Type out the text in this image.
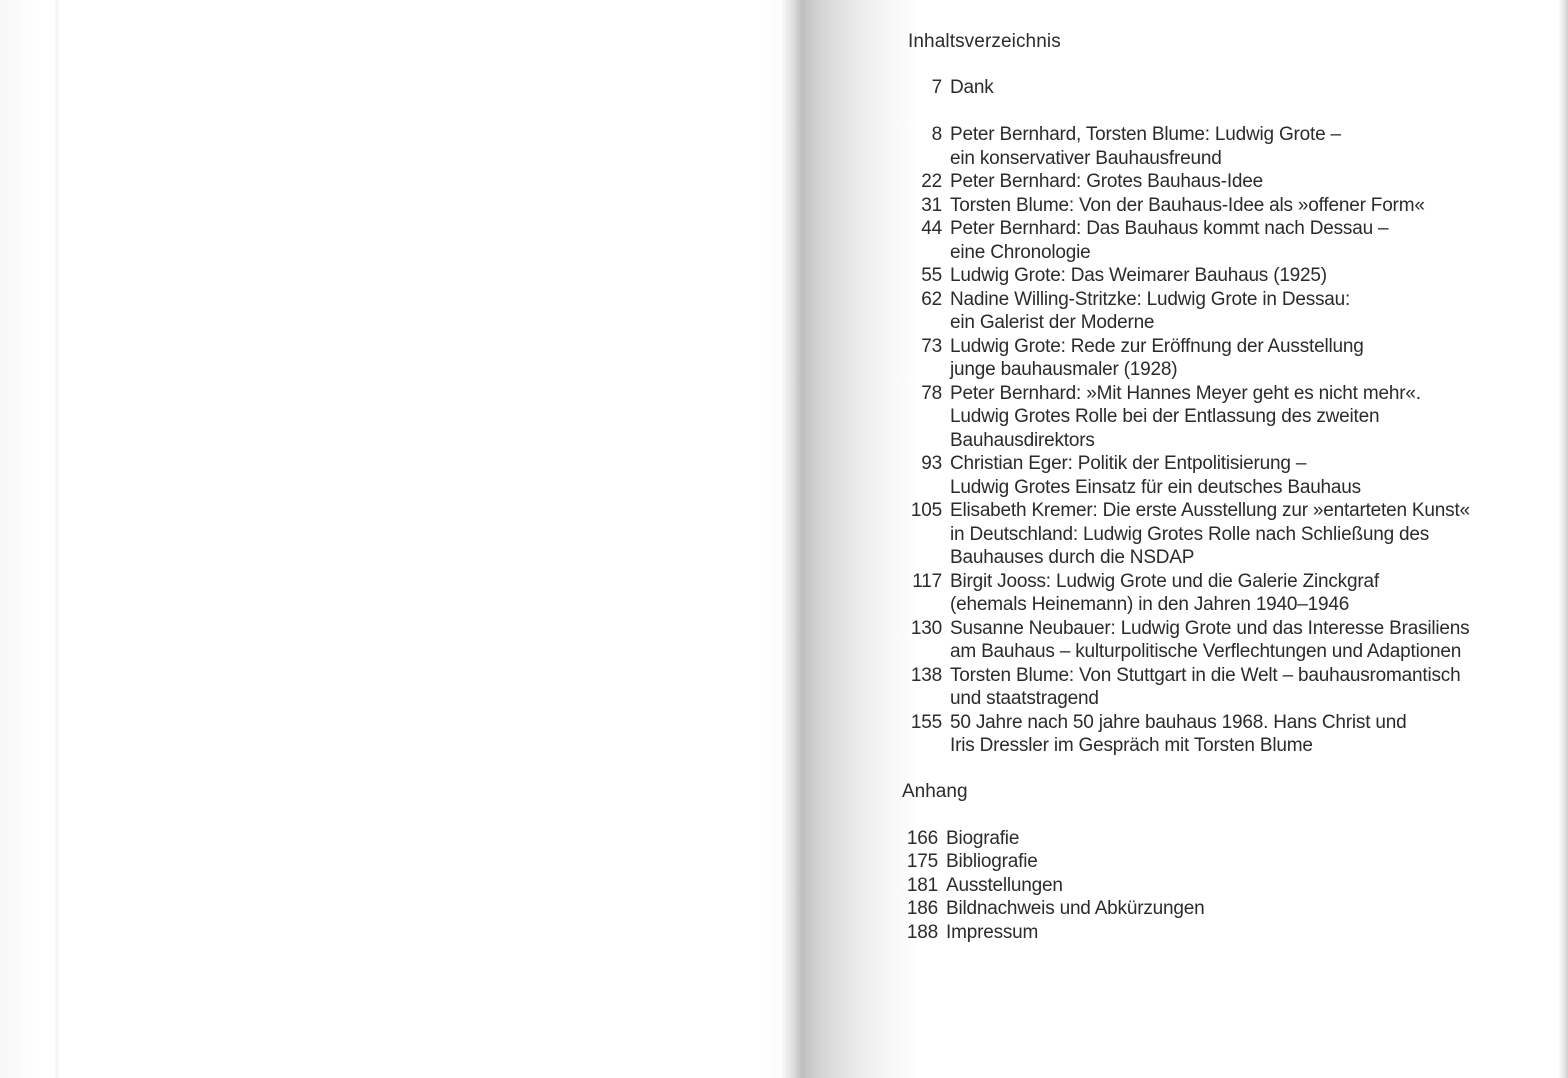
Inhaltsverzeichnis
7 Dank
8 Peter Bernhard, Torsten Blume: Ludwig Grote –
ein konservativer Bauhausfreund
22 Peter Bernhard: Grotes Bauhaus-Idee
31 Torsten Blume: Von der Bauhaus-Idee als »offener Form«
44 Peter Bernhard: Das Bauhaus kommt nach Dessau –
eine Chronologie
55 Ludwig Grote: Das Weimarer Bauhaus (1925)
62 Nadine Willing-Stritzke: Ludwig Grote in Dessau:
ein Galerist der Moderne
73 Ludwig Grote: Rede zur Eröffnung der Ausstellung
junge bauhausmaler (1928)
78 Peter Bernhard: »Mit Hannes Meyer geht es nicht mehr«.
Ludwig Grotes Rolle bei der Entlassung des zweiten
Bauhausdirektors
93 Christian Eger: Politik der Entpolitisierung –
Ludwig Grotes Einsatz für ein deutsches Bauhaus
105 Elisabeth Kremer: Die erste Ausstellung zur »entarteten Kunst«
in Deutschland: Ludwig Grotes Rolle nach Schließung des
Bauhauses durch die NSDAP
117 Birgit Jooss: Ludwig Grote und die Galerie Zinckgraf
(ehemals Heinemann) in den Jahren 1940–1946
130 Susanne Neubauer: Ludwig Grote und das Interesse Brasiliens
am Bauhaus – kulturpolitische Verflechtungen und Adaptionen
138 Torsten Blume: Von Stuttgart in die Welt – bauhausromantisch
und staatstragend
155 50 Jahre nach 50 jahre bauhaus 1968. Hans Christ und
Iris Dressler im Gespräch mit Torsten Blume
Anhang
166 Biografie
175 Bibliografie
181 Ausstellungen
186 Bildnachweis und Abkürzungen
188 Impressum
